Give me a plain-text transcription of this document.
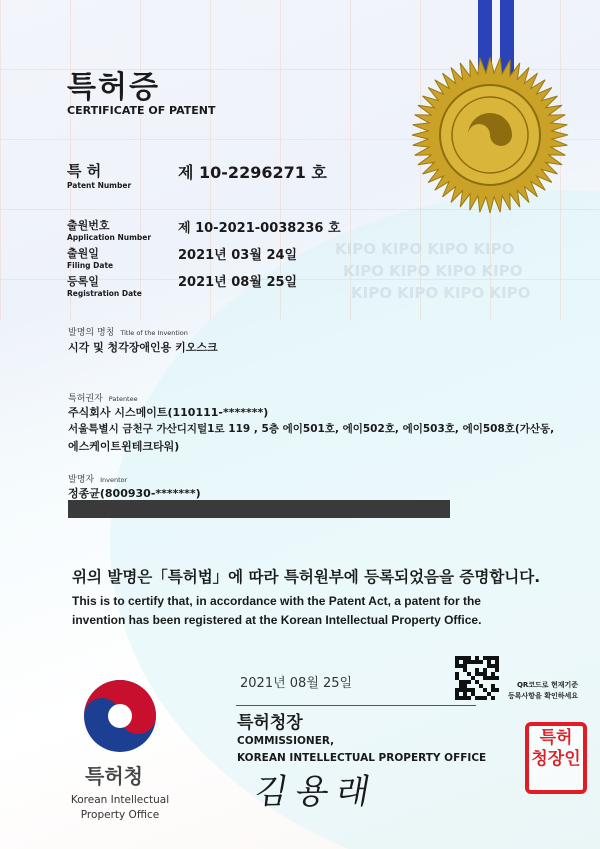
KIPO KIPO KIPO KIPO
KIPO KIPO KIPO KIPO
KIPO KIPO KIPO KIPO
특허증
CERTIFICATE OF PATENT
특 허
Patent Number
제 10-2296271 호
출원번호
Application Number
제 10-2021-0038236 호
출원일
Filing Date
2021년 03월 24일
등록일
Registration Date
2021년 08월 25일
발명의 명칭 Title of the Invention
시각 및 청각장애인용 키오스크
특허권자 Patentee
주식회사 시스메이트(110111-*******)
서울특별시 금천구 가산디지털1로 119 , 5층 에이501호, 에이502호, 에이503호, 에이508호(가산동,
에스케이트윈테크타워)
발명자 Inventor
정종균(800930-*******)
위의 발명은「특허법」에 따라 특허원부에 등록되었음을 증명합니다.
This is to certify that, in accordance with the Patent Act, a patent for the
invention has been registered at the Korean Intellectual Property Office.
특허청
Korean Intellectual
Property Office
2021년 08월 25일	QR코드로 현재기준
등록사항을 확인하세요
특허청장
COMMISSIONER,
KOREAN INTELLECTUAL PROPERTY OFFICE
김용래
특허
청장인
